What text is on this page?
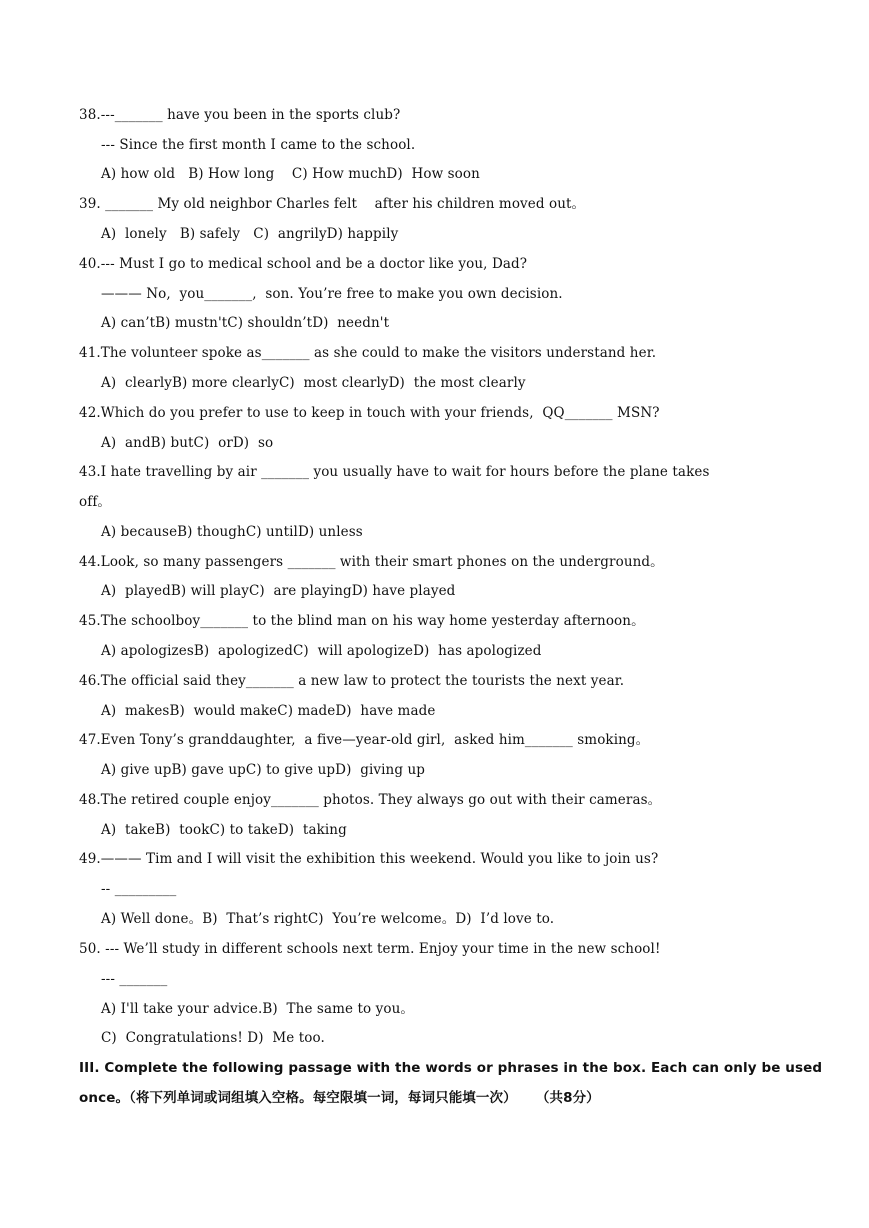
38.---_______ have you been in the sports club?
--- Since the first month I came to the school.
A) how old   B) How long    C) How muchD)  How soon
39. _______ My old neighbor Charles felt    after his children moved out。
A)  lonely   B) safely   C)  angrilyD) happily
40.--- Must I go to medical school and be a doctor like you, Dad?
——— No,  you_______,  son. You’re free to make you own decision.
A) can’tB) mustn'tC) shouldn’tD)  needn't
41.The volunteer spoke as_______ as she could to make the visitors understand her.
A)  clearlyB) more clearlyC)  most clearlyD)  the most clearly
42.Which do you prefer to use to keep in touch with your friends,  QQ_______ MSN?
A)  andB) butC)  orD)  so
43.I hate travelling by air _______ you usually have to wait for hours before the plane takes
off。
A) becauseB) thoughC) untilD) unless
44.Look, so many passengers _______ with their smart phones on the underground。
A)  playedB) will playC)  are playingD) have played
45.The schoolboy_______ to the blind man on his way home yesterday afternoon。
A) apologizesB)  apologizedC)  will apologizeD)  has apologized
46.The official said they_______ a new law to protect the tourists the next year.
A)  makesB)  would makeC) madeD)  have made
47.Even Tony’s granddaughter,  a five—year-old girl,  asked him_______ smoking。
A) give upB) gave upC) to give upD)  giving up
48.The retired couple enjoy_______ photos. They always go out with their cameras。
A)  takeB)  tookC) to takeD)  taking
49.——— Tim and I will visit the exhibition this weekend. Would you like to join us?
-- _________
A) Well done。B)  That’s rightC)  You’re welcome。D)  I’d love to.
50. --- We’ll study in different schools next term. Enjoy your time in the new school!
--- _______
A) I'll take your advice.B)  The same to you。
C)  Congratulations! D)  Me too.
III. Complete the following passage with the words or phrases in the box. Each can only be used
once。（将下列单词或词组填入空格。每空限填一词，每词只能填一次）    （共8分）
